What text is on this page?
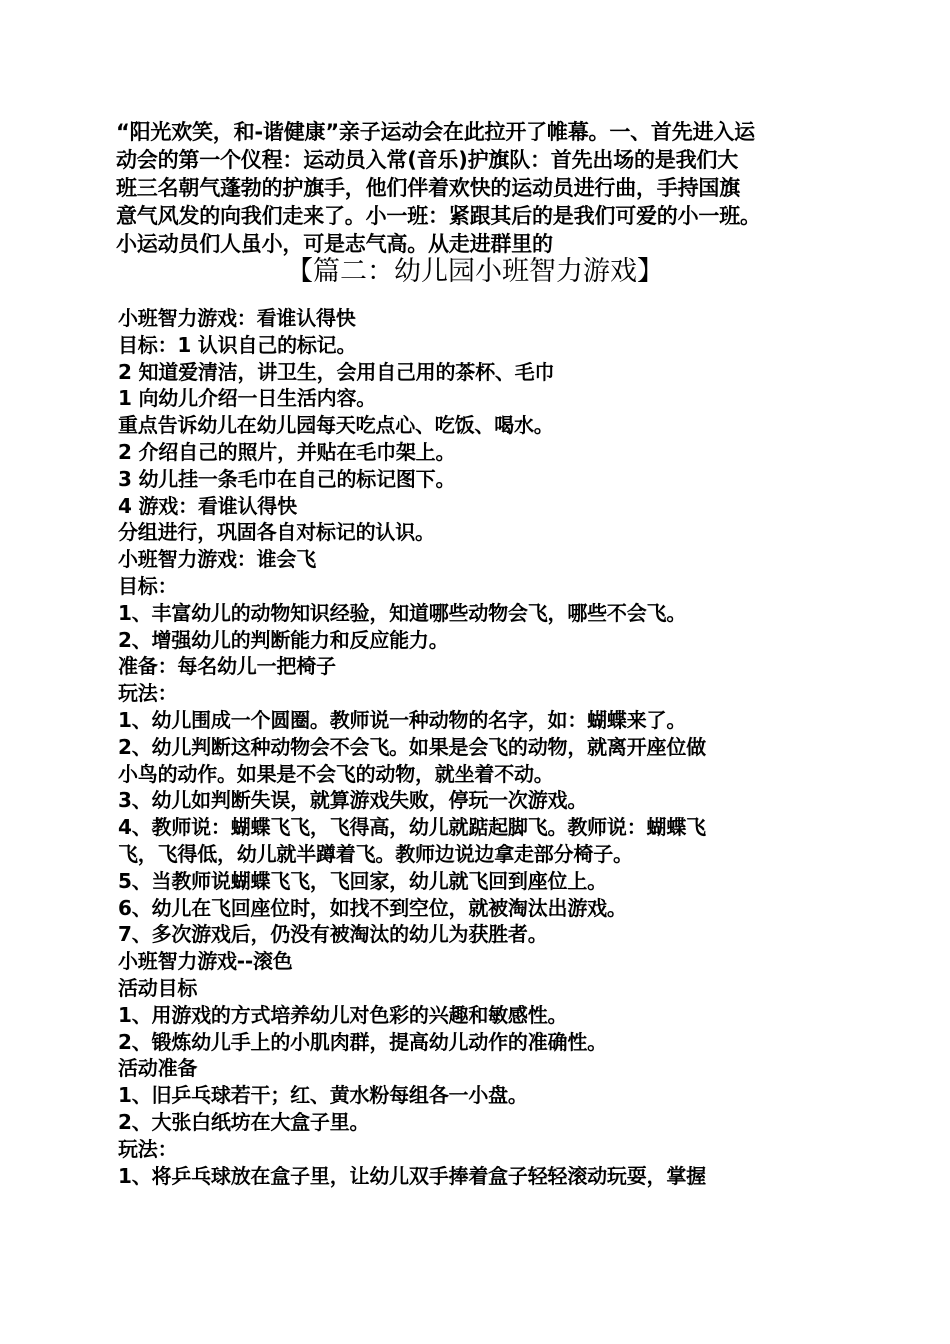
“阳光欢笑，和-谐健康”亲子运动会在此拉开了帷幕。一、首先进入运
动会的第一个仪程：运动员入常(音乐)护旗队：首先出场的是我们大
班三名朝气蓬勃的护旗手，他们伴着欢快的运动员进行曲，手持国旗
意气风发的向我们走来了。小一班：紧跟其后的是我们可爱的小一班。
小运动员们人虽小，可是志气高。从走进群里的
【篇二：幼儿园小班智力游戏】
小班智力游戏：看谁认得快
目标：1 认识自己的标记。
2 知道爱清洁，讲卫生，会用自己用的茶杯、毛巾
1 向幼儿介绍一日生活内容。
重点告诉幼儿在幼儿园每天吃点心、吃饭、喝水。
2 介绍自己的照片，并贴在毛巾架上。
3 幼儿挂一条毛巾在自己的标记图下。
4 游戏：看谁认得快
分组进行，巩固各自对标记的认识。
小班智力游戏：谁会飞
目标：
1、丰富幼儿的动物知识经验，知道哪些动物会飞，哪些不会飞。
2、增强幼儿的判断能力和反应能力。
准备：每名幼儿一把椅子
玩法：
1、幼儿围成一个圆圈。教师说一种动物的名字，如：蝴蝶来了。
2、幼儿判断这种动物会不会飞。如果是会飞的动物，就离开座位做
小鸟的动作。如果是不会飞的动物，就坐着不动。
3、幼儿如判断失误，就算游戏失败，停玩一次游戏。
4、教师说：蝴蝶飞飞，飞得高，幼儿就踮起脚飞。教师说：蝴蝶飞
飞，飞得低，幼儿就半蹲着飞。教师边说边拿走部分椅子。
5、当教师说蝴蝶飞飞，飞回家，幼儿就飞回到座位上。
6、幼儿在飞回座位时，如找不到空位，就被淘汰出游戏。
7、多次游戏后，仍没有被淘汰的幼儿为获胜者。
小班智力游戏--滚色
活动目标
1、用游戏的方式培养幼儿对色彩的兴趣和敏感性。
2、锻炼幼儿手上的小肌肉群，提高幼儿动作的准确性。
活动准备
1、旧乒乓球若干；红、黄水粉每组各一小盘。
2、大张白纸坊在大盒子里。
玩法：
1、将乒乓球放在盒子里，让幼儿双手捧着盒子轻轻滚动玩耍，掌握
